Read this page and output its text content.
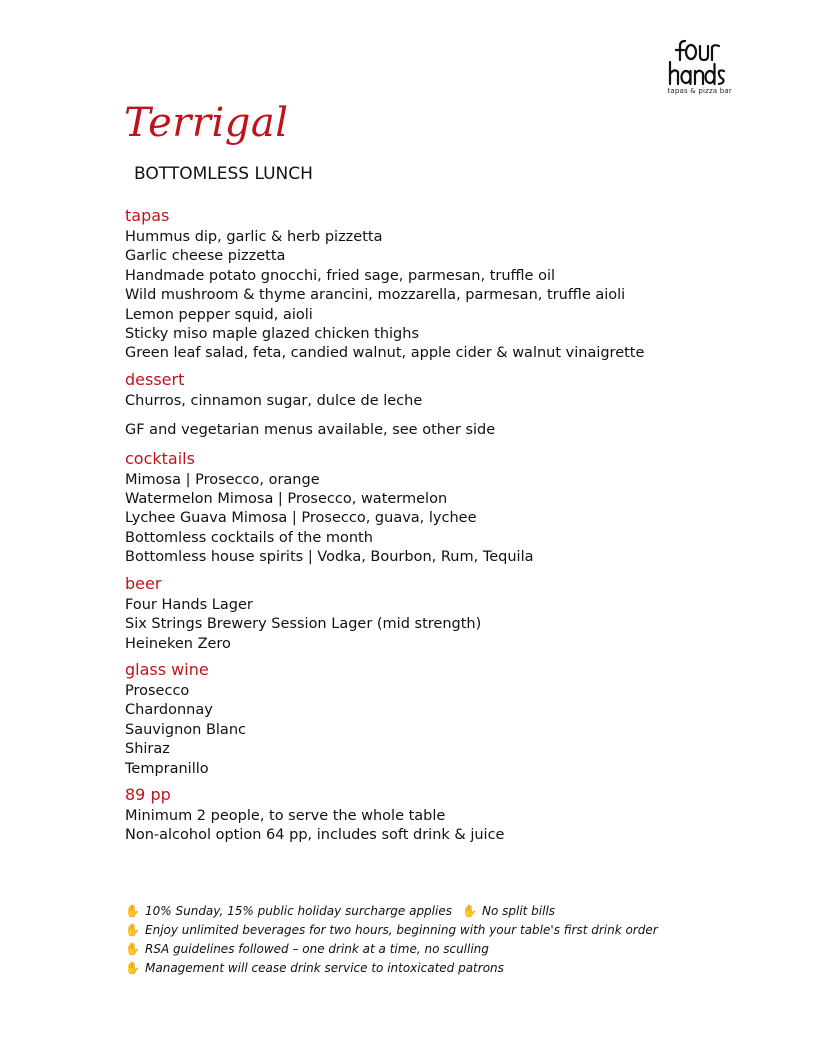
tapas & pizza bar
Terrigal
BOTTOMLESS LUNCH
tapas
Hummus dip, garlic & herb pizzetta
Garlic cheese pizzetta
Handmade potato gnocchi, fried sage, parmesan, truffle oil
Wild mushroom & thyme arancini, mozzarella, parmesan, truffle aioli
Lemon pepper squid, aioli
Sticky miso maple glazed chicken thighs
Green leaf salad, feta, candied walnut, apple cider & walnut vinaigrette
dessert
Churros, cinnamon sugar, dulce de leche
GF and vegetarian menus available, see other side
cocktails
Mimosa | Prosecco, orange
Watermelon Mimosa | Prosecco, watermelon
Lychee Guava Mimosa | Prosecco, guava, lychee
Bottomless cocktails of the month
Bottomless house spirits | Vodka, Bourbon, Rum, Tequila
beer
Four Hands Lager
Six Strings Brewery Session Lager (mid strength)
Heineken Zero
glass wine
Prosecco
Chardonnay
Sauvignon Blanc
Shiraz
Tempranillo
89 pp
Minimum 2 people, to serve the whole table
Non-alcohol option 64 pp, includes soft drink & juice
✋ 10% Sunday, 15% public holiday surcharge applies ✋ No split bills
✋ Enjoy unlimited beverages for two hours, beginning with your table's first drink order
✋ RSA guidelines followed – one drink at a time, no sculling
✋ Management will cease drink service to intoxicated patrons
